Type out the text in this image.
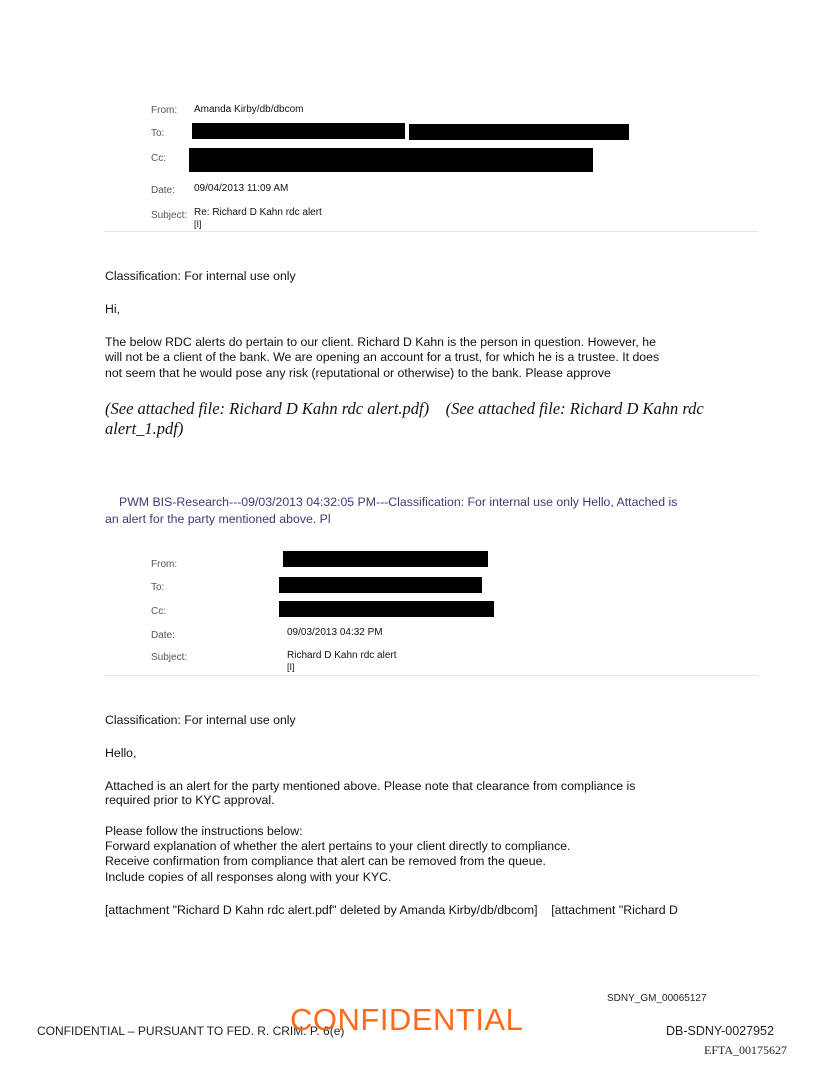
From: Amanda Kirby/db/dbcom
To:
Cc:
Date: 09/04/2013 11:09 AM
Subject: Re: Richard D Kahn rdc alert
[I]
Classification: For internal use only
Hi,
The below RDC alerts do pertain to our client. Richard D Kahn is the person in question. However, he
will not be a client of the bank. We are opening an account for a trust, for which he is a trustee. It does
not seem that he would pose any risk (reputational or otherwise) to the bank. Please approve
(See attached file: Richard D Kahn rdc alert.pdf)    (See attached file: Richard D Kahn rdc
alert_1.pdf)
PWM BIS-Research---09/03/2013 04:32:05 PM---Classification: For internal use only Hello, Attached is
an alert for the party mentioned above. Pl
From:
To:
Cc:
Date:	09/03/2013 04:32 PM
Subject:	Richard D Kahn rdc alert
[I]
Classification: For internal use only
Hello,
Attached is an alert for the party mentioned above. Please note that clearance from compliance is
required prior to KYC approval.
Please follow the instructions below:
Forward explanation of whether the alert pertains to your client directly to compliance.
Receive confirmation from compliance that alert can be removed from the queue.
Include copies of all responses along with your KYC.
[attachment "Richard D Kahn rdc alert.pdf" deleted by Amanda Kirby/db/dbcom]    [attachment "Richard D
SDNY_GM_00065127
CONFIDENTIAL – PURSUANT TO FED. R. CRIM. P. 6(e)
CONFIDENTIAL	DB-SDNY-0027952
EFTA_00175627
